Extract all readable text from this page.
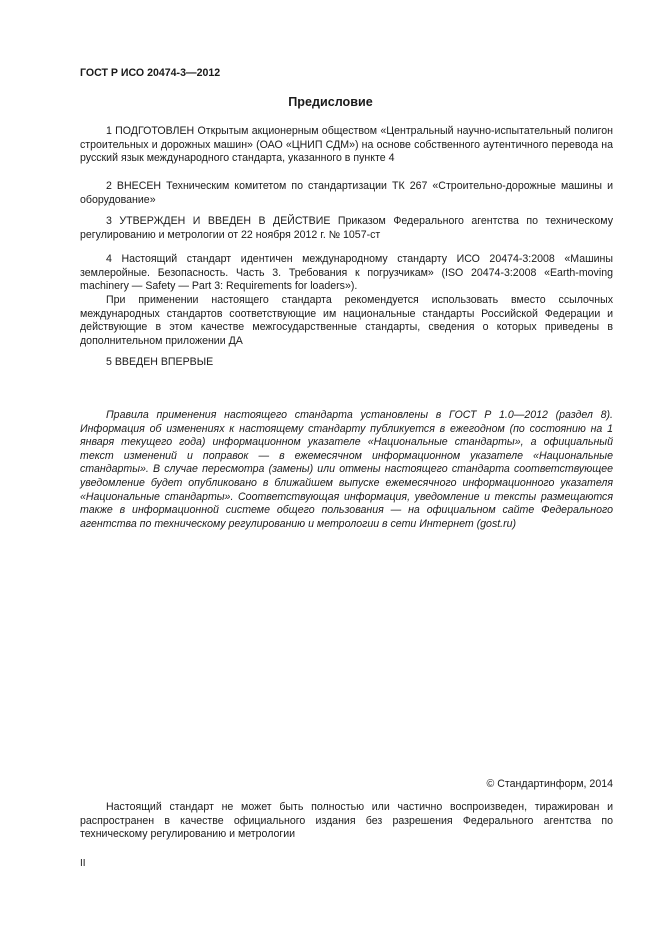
ГОСТ Р ИСО 20474-3—2012
Предисловие

1 ПОДГОТОВЛЕН Открытым акционерным обществом «Центральный научно-испытательный полигон строительных и дорожных машин» (ОАО «ЦНИП СДМ») на основе собственного аутентичного перевода на русский язык международного стандарта, указанного в пункте 4

2 ВНЕСЕН Техническим комитетом по стандартизации ТК 267 «Строительно-дорожные машины и оборудование»

3 УТВЕРЖДЕН И ВВЕДЕН В ДЕЙСТВИЕ Приказом Федерального агентства по техническому регулированию и метрологии от 22 ноября 2012 г. № 1057-ст

4 Настоящий стандарт идентичен международному стандарту ИСО 20474-3:2008 «Машины землеройные. Безопасность. Часть 3. Требования к погрузчикам» (ISO 20474-3:2008 «Earth-moving machinery — Safety — Part 3: Requirements for loaders»).

При применении настоящего стандарта рекомендуется использовать вместо ссылочных международных стандартов соответствующие им национальные стандарты Российской Федерации и действующие в этом качестве межгосударственные стандарты, сведения о которых приведены в дополнительном приложении ДА

5 ВВЕДЕН ВПЕРВЫЕ

Правила применения настоящего стандарта установлены в ГОСТ Р 1.0—2012 (раздел 8). Информация об изменениях к настоящему стандарту публикуется в ежегодном (по состоянию на 1 января текущего года) информационном указателе «Национальные стандарты», а официальный текст изменений и поправок — в ежемесячном информационном указателе «Национальные стандарты». В случае пересмотра (замены) или отмены настоящего стандарта соответствующее уведомление будет опубликовано в ближайшем выпуске ежемесячного информационного указателя «Национальные стандарты». Соответствующая информация, уведомление и тексты размещаются также в информационной системе общего пользования — на официальном сайте Федерального агентства по техническому регулированию и метрологии в сети Интернет (gost.ru)

© Стандартинформ, 2014

Настоящий стандарт не может быть полностью или частично воспроизведен, тиражирован и распространен в качестве официального издания без разрешения Федерального агентства по техническому регулированию и метрологии

II
